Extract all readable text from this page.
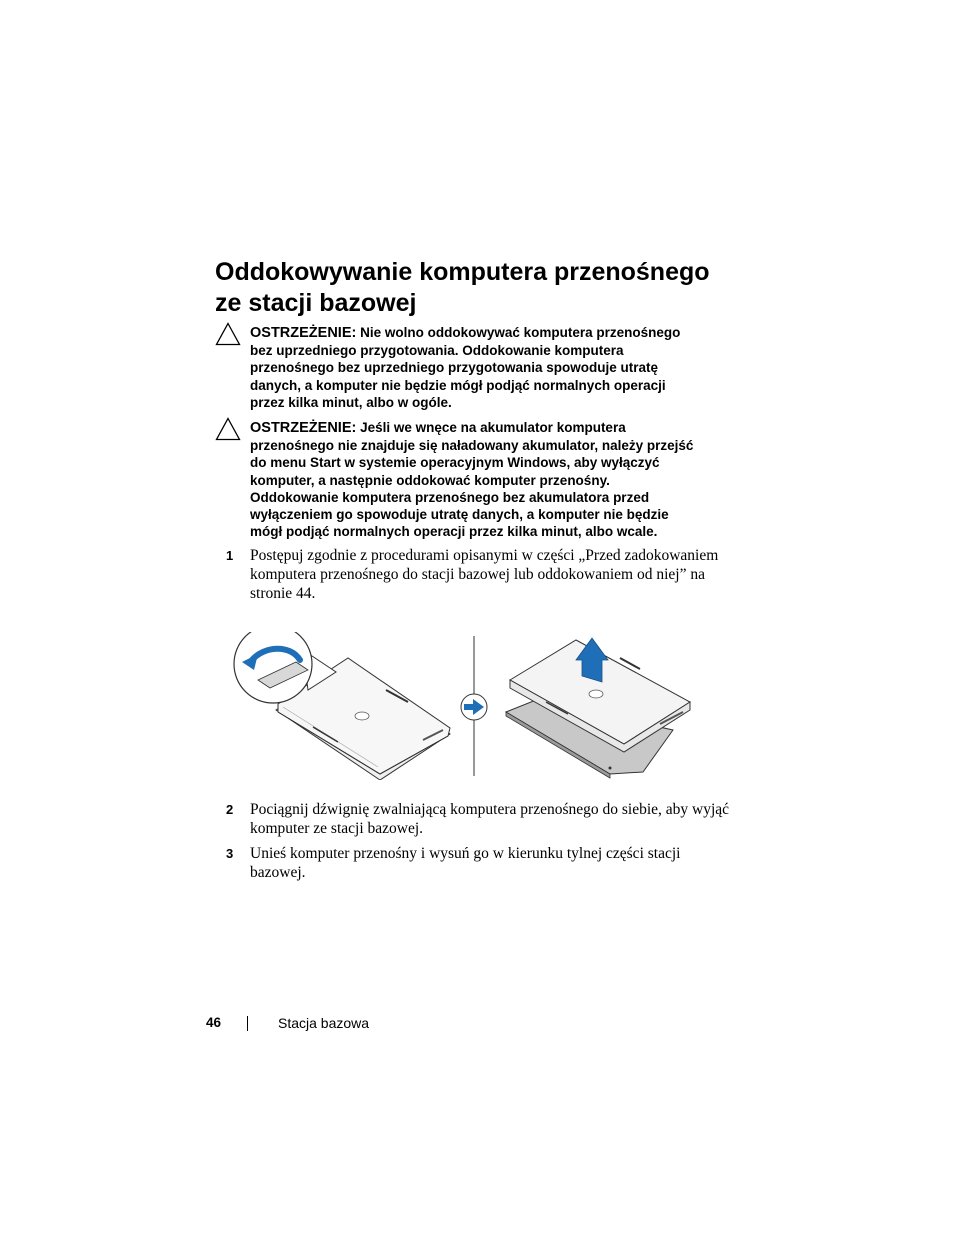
Oddokowywanie komputera przenośnego
ze stacji bazowej
OSTRZEŻENIE: Nie wolno oddokowywać komputera przenośnego
bez uprzedniego przygotowania. Oddokowanie komputera
przenośnego bez uprzedniego przygotowania spowoduje utratę
danych, a komputer nie będzie mógł podjąć normalnych operacji
przez kilka minut, albo w ogóle.
OSTRZEŻENIE: Jeśli we wnęce na akumulator komputera
przenośnego nie znajduje się naładowany akumulator, należy przejść
do menu Start w systemie operacyjnym Windows, aby wyłączyć
komputer, a następnie oddokować komputer przenośny.
Oddokowanie komputera przenośnego bez akumulatora przed
wyłączeniem go spowoduje utratę danych, a komputer nie będzie
mógł podjąć normalnych operacji przez kilka minut, albo wcale.
1 Postępuj zgodnie z procedurami opisanymi w części „Przed zadokowaniem
komputera przenośnego do stacji bazowej lub oddokowaniem od niej” na
stronie 44.
2 Pociągnij dźwignię zwalniającą komputera przenośnego do siebie, aby wyjąć
komputer ze stacji bazowej.
3 Unieś komputer przenośny i wysuń go w kierunku tylnej części stacji
bazowej.
46	Stacja bazowa
